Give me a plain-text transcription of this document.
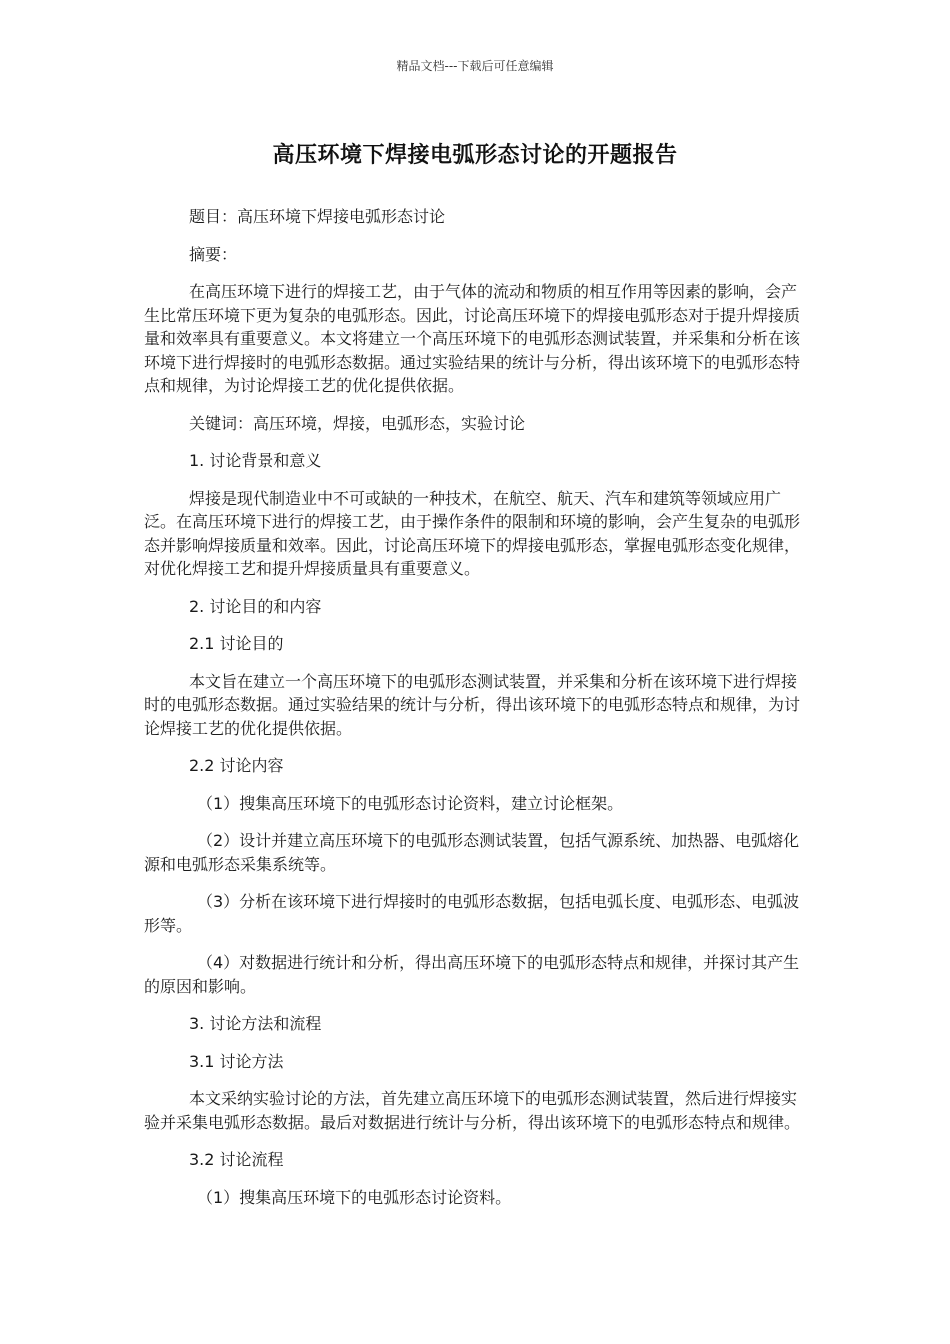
精品文档---下载后可任意编辑
高压环境下焊接电弧形态讨论的开题报告

题目：高压环境下焊接电弧形态讨论

摘要：

在高压环境下进行的焊接工艺，由于气体的流动和物质的相互作用等因素的影响，会产生比常压环境下更为复杂的电弧形态。因此，讨论高压环境下的焊接电弧形态对于提升焊接质量和效率具有重要意义。本文将建立一个高压环境下的电弧形态测试装置，并采集和分析在该环境下进行焊接时的电弧形态数据。通过实验结果的统计与分析，得出该环境下的电弧形态特点和规律，为讨论焊接工艺的优化提供依据。

关键词：高压环境，焊接，电弧形态，实验讨论

1. 讨论背景和意义

焊接是现代制造业中不可或缺的一种技术，在航空、航天、汽车和建筑等领域应用广泛。在高压环境下进行的焊接工艺，由于操作条件的限制和环境的影响，会产生复杂的电弧形态并影响焊接质量和效率。因此，讨论高压环境下的焊接电弧形态，掌握电弧形态变化规律，对优化焊接工艺和提升焊接质量具有重要意义。

2. 讨论目的和内容

2.1 讨论目的

本文旨在建立一个高压环境下的电弧形态测试装置，并采集和分析在该环境下进行焊接时的电弧形态数据。通过实验结果的统计与分析，得出该环境下的电弧形态特点和规律，为讨论焊接工艺的优化提供依据。

2.2 讨论内容

（1）搜集高压环境下的电弧形态讨论资料，建立讨论框架。

（2）设计并建立高压环境下的电弧形态测试装置，包括气源系统、加热器、电弧熔化源和电弧形态采集系统等。

（3）分析在该环境下进行焊接时的电弧形态数据，包括电弧长度、电弧形态、电弧波形等。

（4）对数据进行统计和分析，得出高压环境下的电弧形态特点和规律，并探讨其产生的原因和影响。

3. 讨论方法和流程

3.1 讨论方法

本文采纳实验讨论的方法，首先建立高压环境下的电弧形态测试装置，然后进行焊接实验并采集电弧形态数据。最后对数据进行统计与分析，得出该环境下的电弧形态特点和规律。

3.2 讨论流程

（1）搜集高压环境下的电弧形态讨论资料。
